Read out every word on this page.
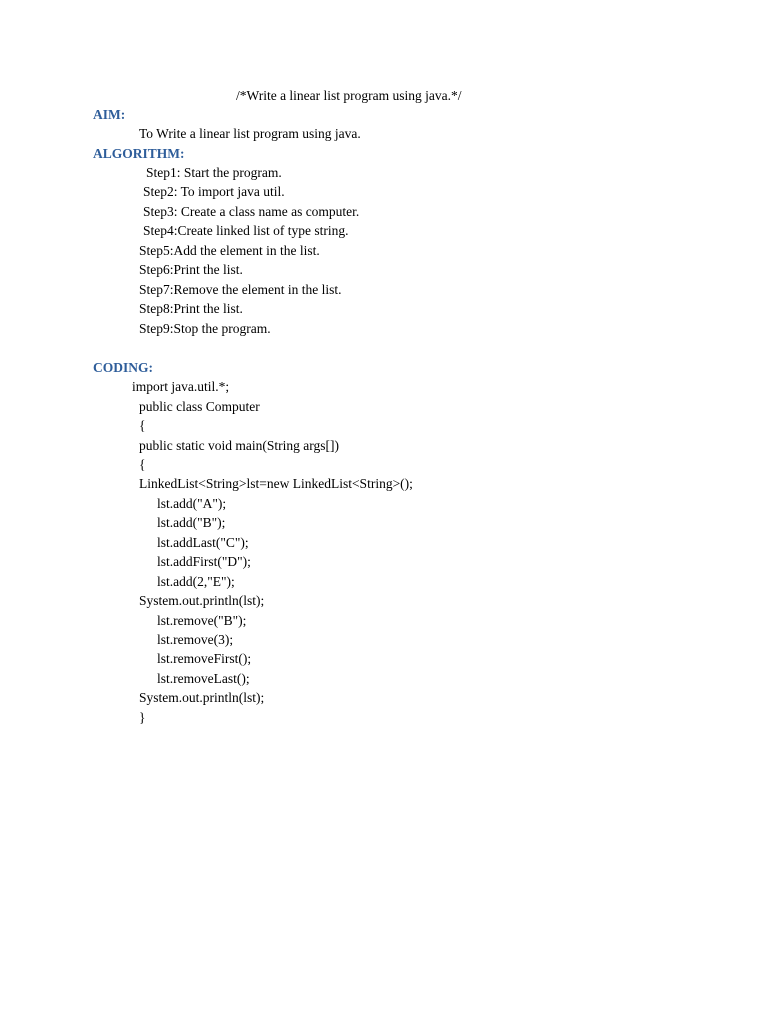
/*Write a linear list program using java.*/
AIM:
To Write a linear list program using java.
ALGORITHM:
Step1: Start the program.
Step2: To import java util.
Step3: Create a class name as computer.
Step4:Create linked list of type string.
Step5:Add the element in the list.
Step6:Print the list.
Step7:Remove the element in the list.
Step8:Print the list.
Step9:Stop the program.
CODING:
import java.util.*;
public class Computer
{
public static void main(String args[])
{
LinkedList<String>lst=new LinkedList<String>();
lst.add("A");
lst.add("B");
lst.addLast("C");
lst.addFirst("D");
lst.add(2,"E");
System.out.println(lst);
lst.remove("B");
lst.remove(3);
lst.removeFirst();
lst.removeLast();
System.out.println(lst);
}
